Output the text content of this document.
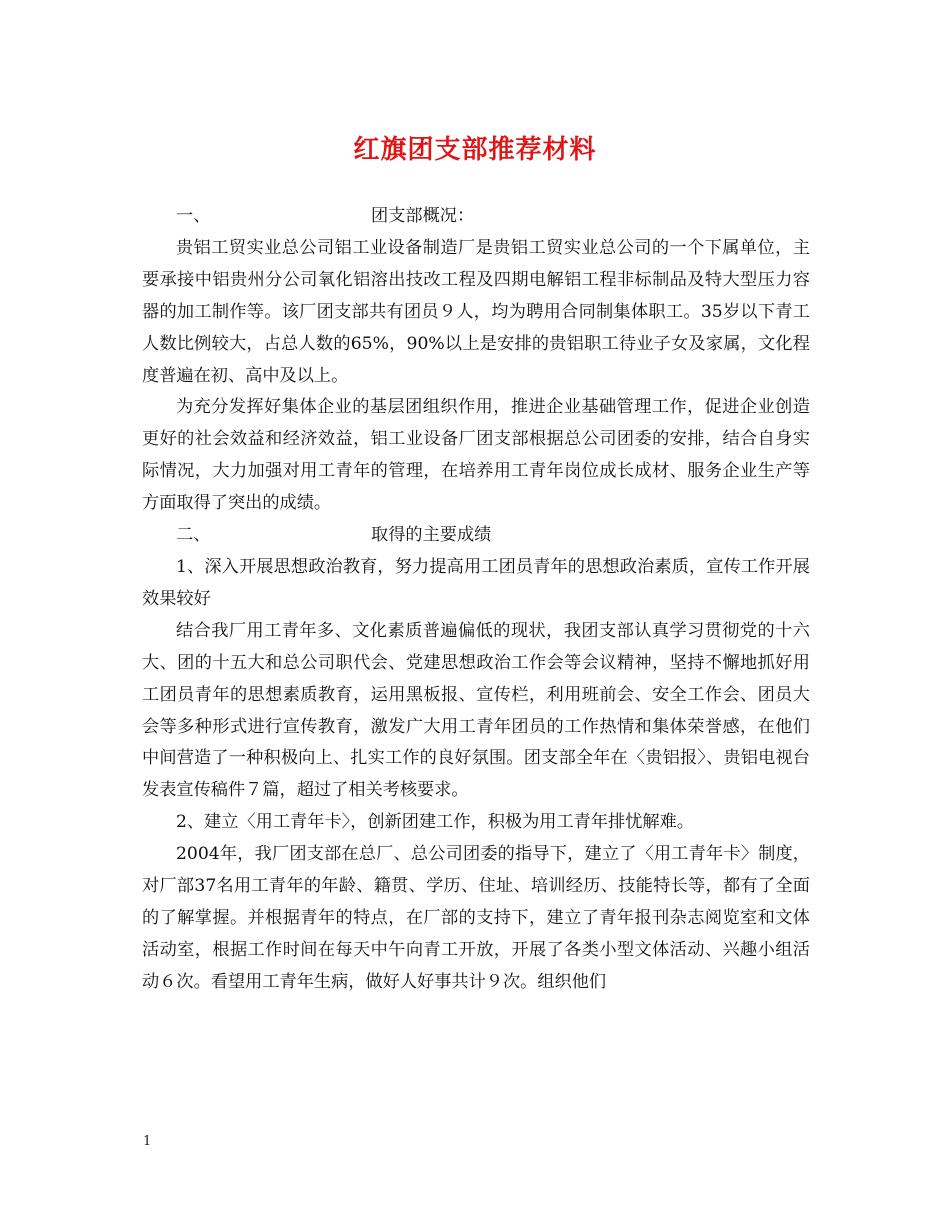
红旗团支部推荐材料
一、	团支部概况：

贵铝工贸实业总公司铝工业设备制造厂是贵铝工贸实业总公司的一个下属单位，主要承接中铝贵州分公司氧化铝溶出技改工程及四期电解铝工程非标制品及特大型压力容器的加工制作等。该厂团支部共有团员９人，均为聘用合同制集体职工。35岁以下青工人数比例较大，占总人数的65%，90%以上是安排的贵铝职工待业子女及家属，文化程度普遍在初、高中及以上。

为充分发挥好集体企业的基层团组织作用，推进企业基础管理工作，促进企业创造更好的社会效益和经济效益，铝工业设备厂团支部根据总公司团委的安排，结合自身实际情况，大力加强对用工青年的管理，在培养用工青年岗位成长成材、服务企业生产等方面取得了突出的成绩。

二、	取得的主要成绩

1、深入开展思想政治教育，努力提高用工团员青年的思想政治素质，宣传工作开展效果较好

结合我厂用工青年多、文化素质普遍偏低的现状，我团支部认真学习贯彻党的十六大、团的十五大和总公司职代会、党建思想政治工作会等会议精神，坚持不懈地抓好用工团员青年的思想素质教育，运用黑板报、宣传栏，利用班前会、安全工作会、团员大会等多种形式进行宣传教育，激发广大用工青年团员的工作热情和集体荣誉感，在他们中间营造了一种积极向上、扎实工作的良好氛围。团支部全年在〈贵铝报〉、贵铝电视台发表宣传稿件７篇，超过了相关考核要求。

2、建立〈用工青年卡〉，创新团建工作，积极为用工青年排忧解难。

2004年，我厂团支部在总厂、总公司团委的指导下，建立了〈用工青年卡〉制度，对厂部37名用工青年的年龄、籍贯、学历、住址、培训经历、技能特长等，都有了全面的了解掌握。并根据青年的特点，在厂部的支持下，建立了青年报刊杂志阅览室和文体活动室，根据工作时间在每天中午向青工开放，开展了各类小型文体活动、兴趣小组活动６次。看望用工青年生病，做好人好事共计９次。组织他们

1
